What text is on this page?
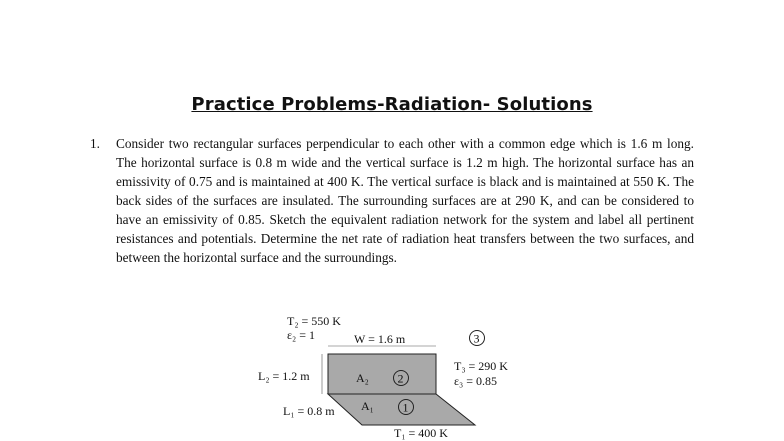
Practice Problems-Radiation- Solutions
1. Consider two rectangular surfaces perpendicular to each other with a common edge which is 1.6 m long. The horizontal surface is 0.8 m wide and the vertical surface is 1.2 m high. The horizontal surface has an emissivity of 0.75 and is maintained at 400 K. The vertical surface is black and is maintained at 550 K. The back sides of the surfaces are insulated. The surrounding surfaces are at 290 K, and can be considered to have an emissivity of 0.85. Sketch the equivalent radiation network for the system and label all pertinent resistances and potentials. Determine the net rate of radiation heat transfers between the two surfaces, and between the horizontal surface and the surroundings.
T₂ = 550 K
ε₂ = 1	W = 1.6 m	3
L₂ = 1.2 m	A₂ 2
T₃ = 290 K
ε₃ = 0.85
L₁ = 0.8 m A₁ 1
T₁ = 400 K
